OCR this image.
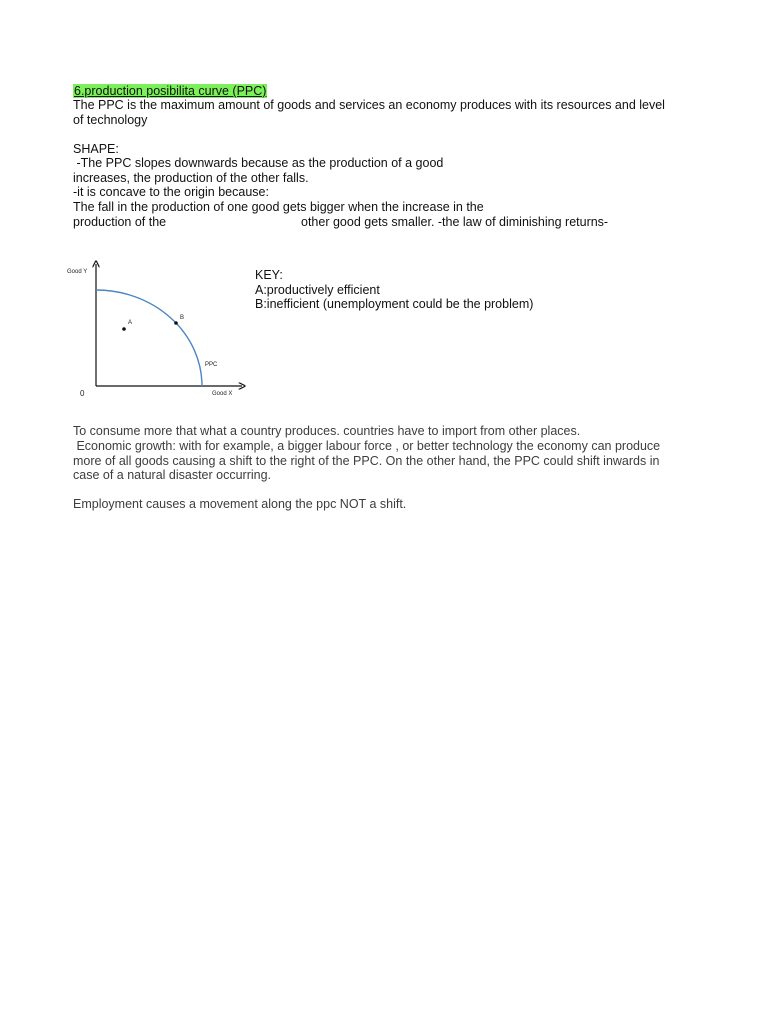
6.production posibilita curve (PPC)
The PPC is the maximum amount of goods and services an economy produces with its resources and level
of technology
SHAPE:
-The PPC slopes downwards because as the production of a good
increases, the production of the other falls.
-it is concave to the origin because:
The fall in the production of one good gets bigger when the increase in the
production of the	other good gets smaller. -the law of diminishing returns-
Good Y
Good X
0
PPC
A
B
KEY:
A:productively efficient
B:inefficient (unemployment could be the problem)
To consume more that what a country produces. countries have to import from other places.
Economic growth: with for example, a bigger labour force , or better technology the economy can produce
more of all goods causing a shift to the right of the PPC. On the other hand, the PPC could shift inwards in
case of a natural disaster occurring.
Employment causes a movement along the ppc NOT a shift.
